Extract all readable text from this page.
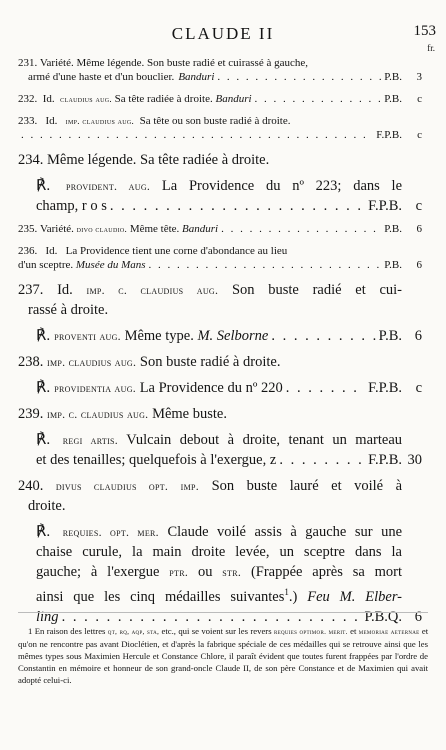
CLAUDE II	153
fr.
231. Variété. Même légende. Son buste radié et cuirassé à gauche,
armé d'une haste et d'un bouclier. Banduri . . .	P.B.	3
232.
Id.
claudius aug.
Sa tête radiée à droite.
Banduri . . .	P.B.	c
233. Id. imp. claudius aug. Sa tête ou son buste radié à droite.
. . .
F.P.B.	c
234. Même légende. Sa tête radiée à droite.
℟. provident. aug. La Providence du nº 223; dans le
champ,
r o s . . .	F.P.B. c
235.
Variété.
divo claudio.
Même tête.
Banduri . . .	P.B.	6
236. Id. La Providence tient une corne d'abondance au lieu
d'un sceptre.
Musée du Mans . . .	P.B.	6
237. Id. imp. c. claudius aug. Son buste radié et cui-
rassé à droite.
℟. proventi aug.
Même type.
M. Selborne . . .	P.B. 6
238.
imp. claudius aug.
Son buste radié à droite.
℟. providentia aug.
La Providence du nº 220 . . .	F.P.B. c
239.
imp. c. claudius aug.
Même buste.
℟. regi artis. Vulcain debout à droite, tenant un marteau
et des tenailles; quelquefois à l'exergue, z . . .	F.P.B. 30
240. divus claudius opt. imp. Son buste lauré et voilé à
droite.
℟. requies. opt. mer. Claude voilé assis à gauche sur une
chaise curule, la main droite levée, un sceptre dans la
gauche; à l'exergue ptr. ou str. (Frappée après sa mort
ainsi que les cinq médailles suivantes$^1$.) Feu M. Elber-
ling . . .	P.B.Q. 6
1 En raison des lettres qt, rq, aqp, sta, etc., qui se voient sur les revers requies optimor. merit. et memoriae aeternae et qu'on ne rencontre pas avant Dioclétien, et d'après la fabrique spéciale de ces médailles qui se retrouve ainsi que les mêmes types sous Maximien Hercule et Constance Chlore, il paraît évident que toutes furent frappées par l'ordre de Constantin en mémoire et honneur de son grand-oncle Claude II, de son père Constance et de Maximien qui avait adopté celui-ci.
